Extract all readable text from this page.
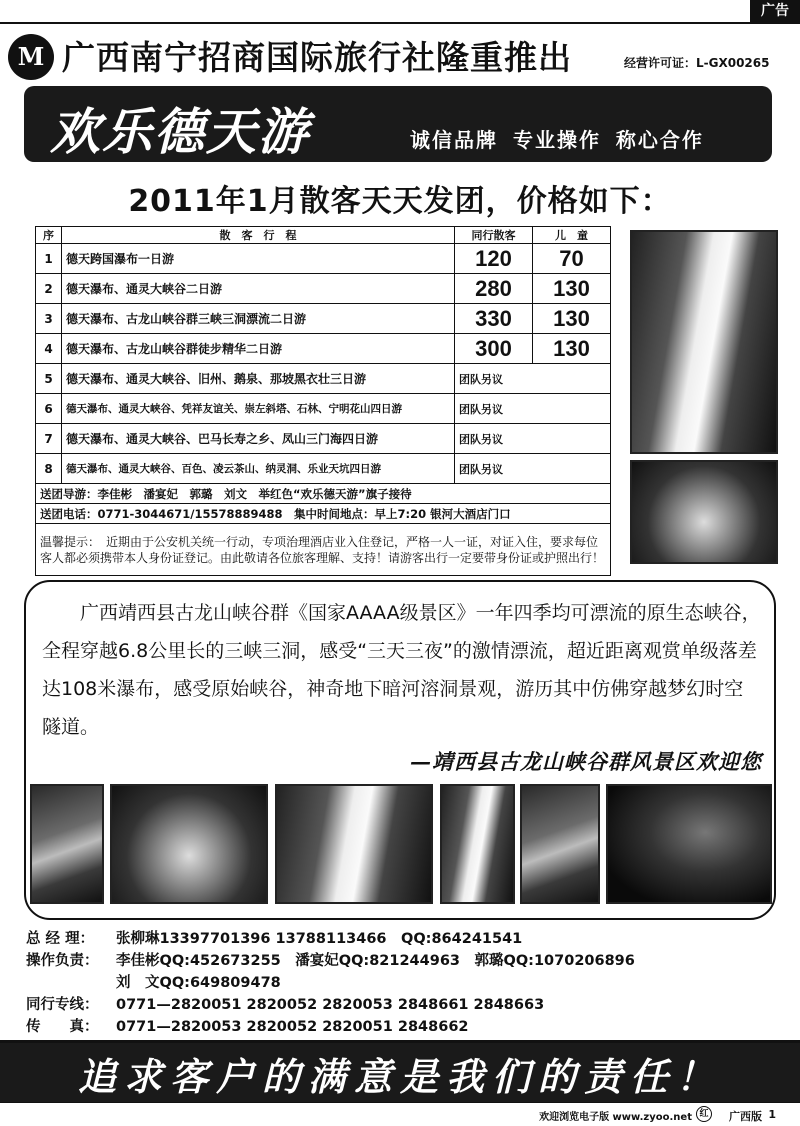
广告
M 广西南宁招商国际旅行社隆重推出	经营许可证：L-GX00265
欢乐德天游	诚信品牌 专业操作 称心合作
2011年1月散客天天发团，价格如下：
序	散　客　行　程	同行散客	儿　童
1	德天跨国瀑布一日游	120	70
2	德天瀑布、通灵大峡谷二日游	280	130
3	德天瀑布、古龙山峡谷群三峡三洞漂流二日游	330	130
4	德天瀑布、古龙山峡谷群徒步精华二日游	300	130
5	德天瀑布、通灵大峡谷、旧州、鹅泉、那坡黑衣壮三日游	团队另议	
6	德天瀑布、通灵大峡谷、凭祥友谊关、崇左斜塔、石林、宁明花山四日游	团队另议	
7	德天瀑布、通灵大峡谷、巴马长寿之乡、凤山三门海四日游	团队另议	
8	德天瀑布、通灵大峡谷、百色、凌云茶山、纳灵洞、乐业天坑四日游	团队另议	
送团导游：李佳彬　潘宴妃　郭璐　刘文　举红色“欢乐德天游”旗子接待			
送团电话：0771-3044671/15578889488　集中时间地点：早上7:20 银河大酒店门口			
温馨提示：　近期由于公安机关统一行动，专项治理酒店业入住登记，严格一人一证，对证入住，要求每位客人都必须携带本人身份证登记。由此敬请各位旅客理解、支持！请游客出行一定要带身份证或护照出行！			
广西靖西县古龙山峡谷群《国家AAAA级景区》一年四季均可漂流的原生态峡谷，全程穿越6.8公里长的三峡三洞，感受“三天三夜”的激情漂流，超近距离观赏单级落差达108米瀑布，感受原始峡谷，神奇地下暗河溶洞景观，游历其中仿佛穿越梦幻时空隧道。
—靖西县古龙山峡谷群风景区欢迎您
总 经 理：	张柳琳13397701396 13788113466　QQ:864241541
操作负责：	李佳彬QQ:452673255　潘宴妃QQ:821244963　郭璐QQ:1070206896
刘　文QQ:649809478
同行专线：	0771—2820051 2820052 2820053 2848661 2848663
传　　真：	0771—2820053 2820052 2820051 2848662
追求客户的满意是我们的责任！
欢迎浏览电子版 www.zyoo.net 红	广西版 1
